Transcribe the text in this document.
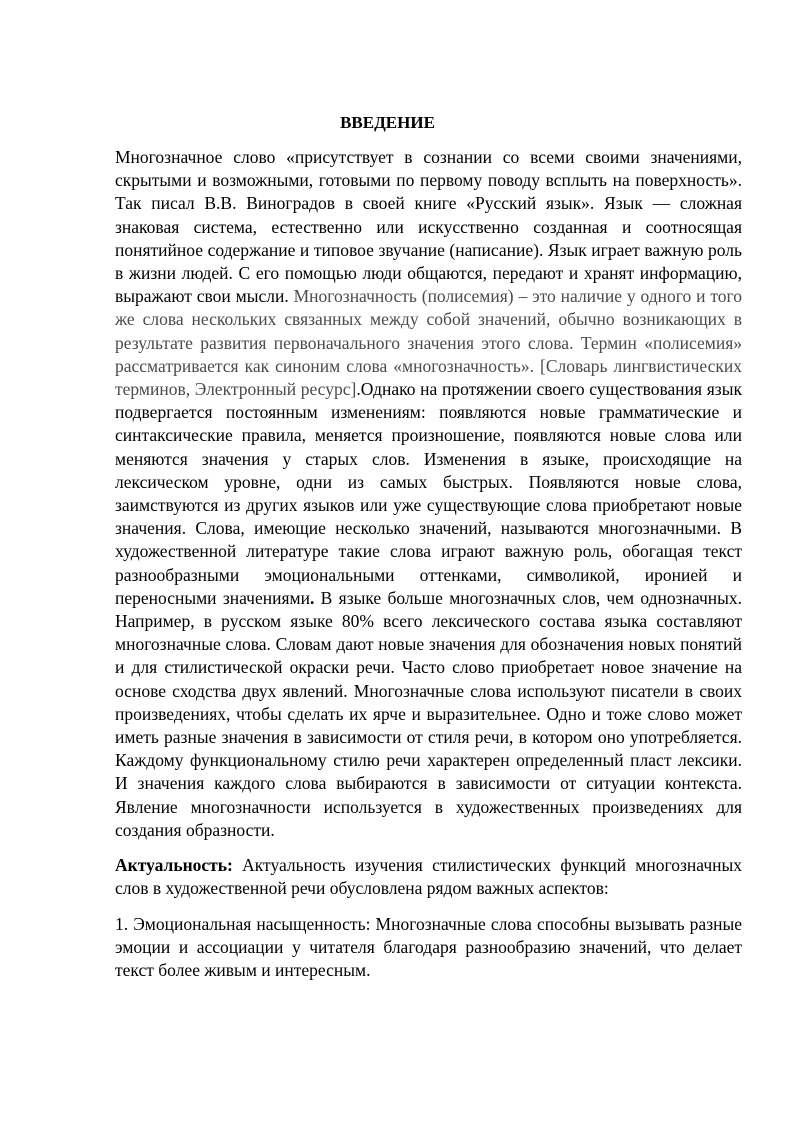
ВВЕДЕНИЕ

Многозначное слово «присутствует в сознании со всеми своими значениями, скрытыми и возможными, готовыми по первому поводу всплыть на поверхность». Так писал В.В. Виноградов в своей книге «Русский язык». Язык — сложная знаковая система, естественно или искусственно созданная и соотносящая понятийное содержание и типовое звучание (написание). Язык играет важную роль в жизни людей. С его помощью люди общаются, передают и хранят информацию, выражают свои мысли. Многозначность (полисемия) – это наличие у одного и того же слова нескольких связанных между собой значений, обычно возникающих в результате развития первоначального значения этого слова. Термин «полисемия» рассматривается как синоним слова «многозначность». [Словарь лингвистических терминов, Электронный ресурс].Однако на протяжении своего существования язык подвергается постоянным изменениям: появляются новые грамматические и синтаксические правила, меняется произношение, появляются новые слова или меняются значения у старых слов. Изменения в языке, происходящие на лексическом уровне, одни из самых быстрых. Появляются новые слова, заимствуются из других языков или уже существующие слова приобретают новые значения. Слова, имеющие несколько значений, называются многозначными. В художественной литературе такие слова играют важную роль, обогащая текст разнообразными эмоциональными оттенками, символикой, иронией и переносными значениями. В языке больше многозначных слов, чем однозначных. Например, в русском языке 80% всего лексического состава языка составляют многозначные слова. Словам дают новые значения для обозначения новых понятий и для стилистической окраски речи. Часто слово приобретает новое значение на основе сходства двух явлений. Многозначные слова используют писатели в своих произведениях, чтобы сделать их ярче и выразительнее. Одно и тоже слово может иметь разные значения в зависимости от стиля речи, в котором оно употребляется. Каждому функциональному стилю речи характерен определенный пласт лексики. И значения каждого слова выбираются в зависимости от ситуации контекста. Явление многозначности используется в художественных произведениях для создания образности.

Актуальность: Актуальность изучения стилистических функций многозначных слов в художественной речи обусловлена рядом важных аспектов:

1. Эмоциональная насыщенность: Многозначные слова способны вызывать разные эмоции и ассоциации у читателя благодаря разнообразию значений, что делает текст более живым и интересным.
